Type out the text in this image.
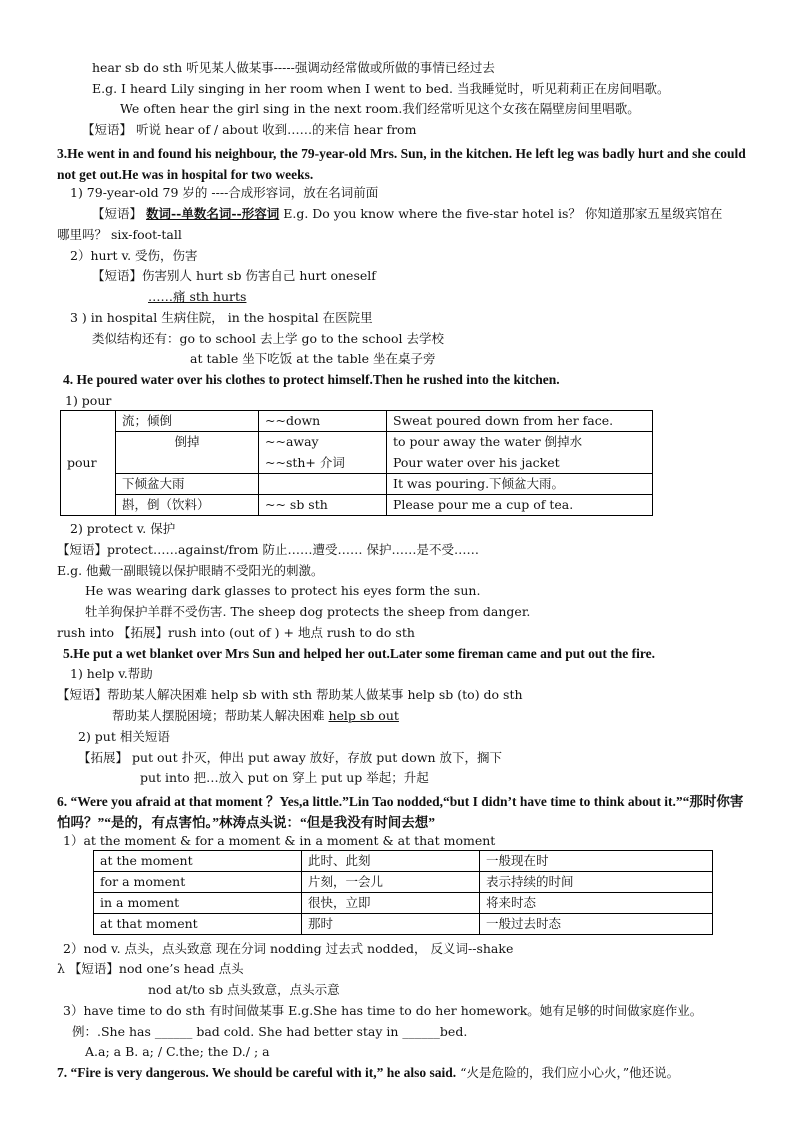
hear sb do sth 听见某人做某事-----强调动经常做或所做的事情已经过去
E.g. I heard Lily singing in her room when I went to bed. 当我睡觉时，听见莉莉正在房间唱歌。
We often hear the girl sing in the next room.我们经常听见这个女孩在隔壁房间里唱歌。
【短语】 听说 hear of / about 收到……的来信 hear from
3.He went in and found his neighbour, the 79-year-old Mrs. Sun, in the kitchen. He left leg was badly hurt and she could not get out.He was in hospital for two weeks.
1) 79-year-old 79 岁的 ----合成形容词，放在名词前面
【短语】 数词--单数名词--形容词 E.g. Do you know where the five-star hotel is？ 你知道那家五星级宾馆在
哪里吗？ six-foot-tall
2）hurt v. 受伤，伤害
【短语】伤害别人 hurt sb 伤害自己 hurt oneself
……痛 sth hurts
3 ) in hospital 生病住院， in the hospital 在医院里
类似结构还有：go to school 去上学 go to the school 去学校
at table 坐下吃饭 at the table 坐在桌子旁
4. He poured water over his clothes to protect himself.Then he rushed into the kitchen.
1) pour
pour	流；倾倒	~~down	Sweat poured down from her face.
	倒掉	~~away	to pour away the water 倒掉水
		~~sth+ 介词	Pour water over his jacket
	下倾盆大雨		It was pouring.下倾盆大雨。
	斟，倒（饮料）	~~ sb sth	Please pour me a cup of tea.
2) protect v. 保护
【短语】protect……against/from 防止……遭受…… 保护……是不受……
E.g. 他戴一副眼镜以保护眼睛不受阳光的刺激。
He was wearing dark glasses to protect his eyes form the sun.
牡羊狗保护羊群不受伤害. The sheep dog protects the sheep from danger.
rush into 【拓展】rush into (out of ) + 地点 rush to do sth
5.He put a wet blanket over Mrs Sun and helped her out.Later some fireman came and put out the fire.
1) help v.帮助
【短语】帮助某人解决困难 help sb with sth 帮助某人做某事 help sb (to) do sth
帮助某人摆脱困境；帮助某人解决困难 help sb out
2) put 相关短语
【拓展】 put out 扑灭，伸出 put away 放好，存放 put down 放下，搁下
put into 把…放入 put on 穿上 put up 举起；升起
6. “Were you afraid at that moment ？Yes,a little.”Lin Tao nodded,“but I didn’t have time to think about it.”“那时你害怕吗？”“是的，有点害怕。”林涛点头说：“但是我没有时间去想”
1）at the moment & for a moment & in a moment & at that moment
at the moment	此时、此刻	一般现在时
for a moment	片刻，一会儿	表示持续的时间
in a moment	很快，立即	将来时态
at that moment	那时	一般过去时态
2）nod v. 点头，点头致意 现在分词 nodding 过去式 nodded， 反义词--shake
λ 【短语】nod one’s head 点头
nod at/to sb 点头致意，点头示意
3）have time to do sth 有时间做某事 E.g.She has time to do her homework。她有足够的时间做家庭作业。
例：.She has ______ bad cold. She had better stay in ______bed.
A.a; a B. a; / C.the; the D./ ; a
7. “Fire is very dangerous. We should be careful with it,” he also said. “火是危险的，我们应小心火，”他还说。
